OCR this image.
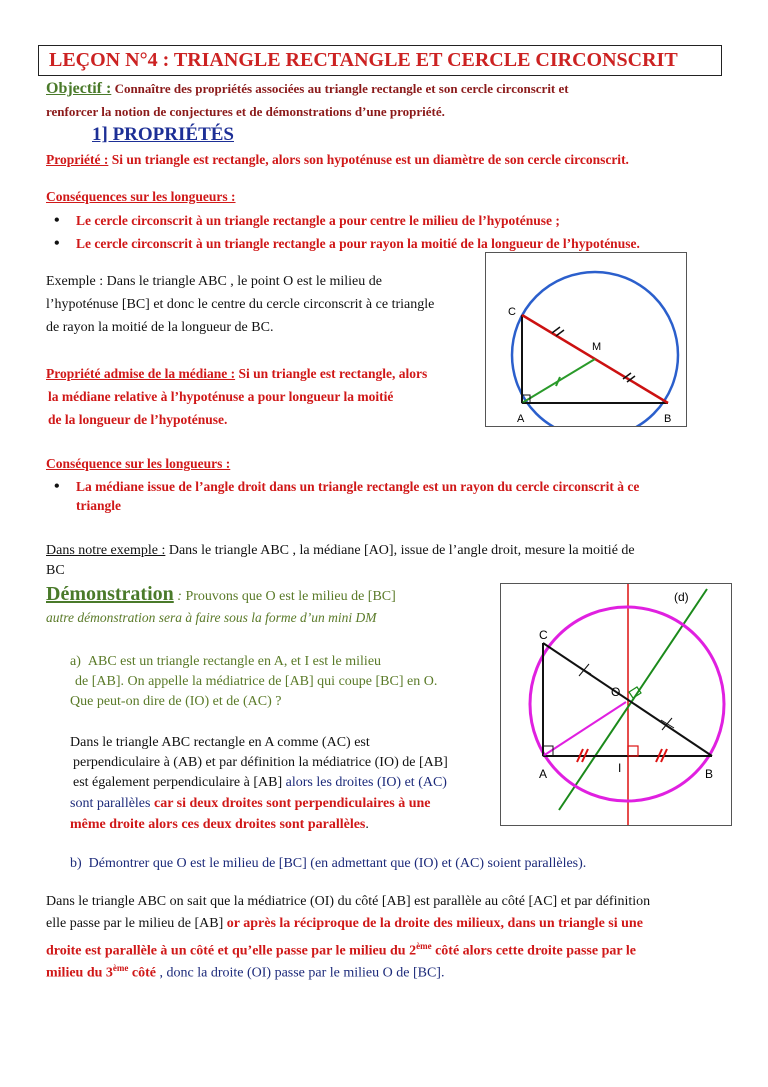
LEÇON N°4 : TRIANGLE RECTANGLE ET CERCLE CIRCONSCRIT
Objectif : Connaître des propriétés associées au triangle rectangle et son cercle circonscrit et
renforcer la notion de conjectures et de démonstrations d’une propriété.
1] PROPRIÉTÉS
Propriété : Si un triangle est rectangle, alors son hypoténuse est un diamètre de son cercle circonscrit.
Conséquences sur les longueurs :
• Le cercle circonscrit à un triangle rectangle a pour centre le milieu de l’hypoténuse ;
• Le cercle circonscrit à un triangle rectangle a pour rayon la moitié de la longueur de l’hypoténuse.
Exemple : Dans le triangle ABC , le point O est le milieu de
l’hypoténuse [BC] et donc le centre du cercle circonscrit à ce triangle
de rayon la moitié de la longueur de BC.
Propriété admise de la médiane : Si un triangle est rectangle, alors
la médiane relative à l’hypoténuse a pour longueur la moitié
de la longueur de l’hypoténuse.
C
M
A	B
Conséquence sur les longueurs :
• La médiane issue de l’angle droit dans un triangle rectangle est un rayon du cercle circonscrit à ce
triangle
Dans notre exemple : Dans le triangle ABC , la médiane [AO], issue de l’angle droit, mesure la moitié de
BC
Démonstration : Prouvons que O est le milieu de [BC]
autre démonstration sera à faire sous la forme d’un mini DM
a) ABC est un triangle rectangle en A, et I est le milieu
de [AB]. On appelle la médiatrice de [AB] qui coupe [BC] en O.
Que peut-on dire de (IO) et de (AC) ?
Dans le triangle ABC rectangle en A comme (AC) est
perpendiculaire à (AB) et par définition la médiatrice (IO) de [AB]
est également perpendiculaire à [AB] alors les droites (IO) et (AC)
sont parallèles car si deux droites sont perpendiculaires à une
même droite alors ces deux droites sont parallèles.
(d)
C
O
A	I	B
b) Démontrer que O est le milieu de [BC] (en admettant que (IO) et (AC) soient parallèles).
Dans le triangle ABC on sait que la médiatrice (OI) du côté [AB] est parallèle au côté [AC] et par définition
elle passe par le milieu de [AB] or après la réciproque de la droite des milieux, dans un triangle si une
droite est parallèle à un côté et qu’elle passe par le milieu du 2ème côté alors cette droite passe par le
milieu du 3ème côté , donc la droite (OI) passe par le milieu O de [BC].
